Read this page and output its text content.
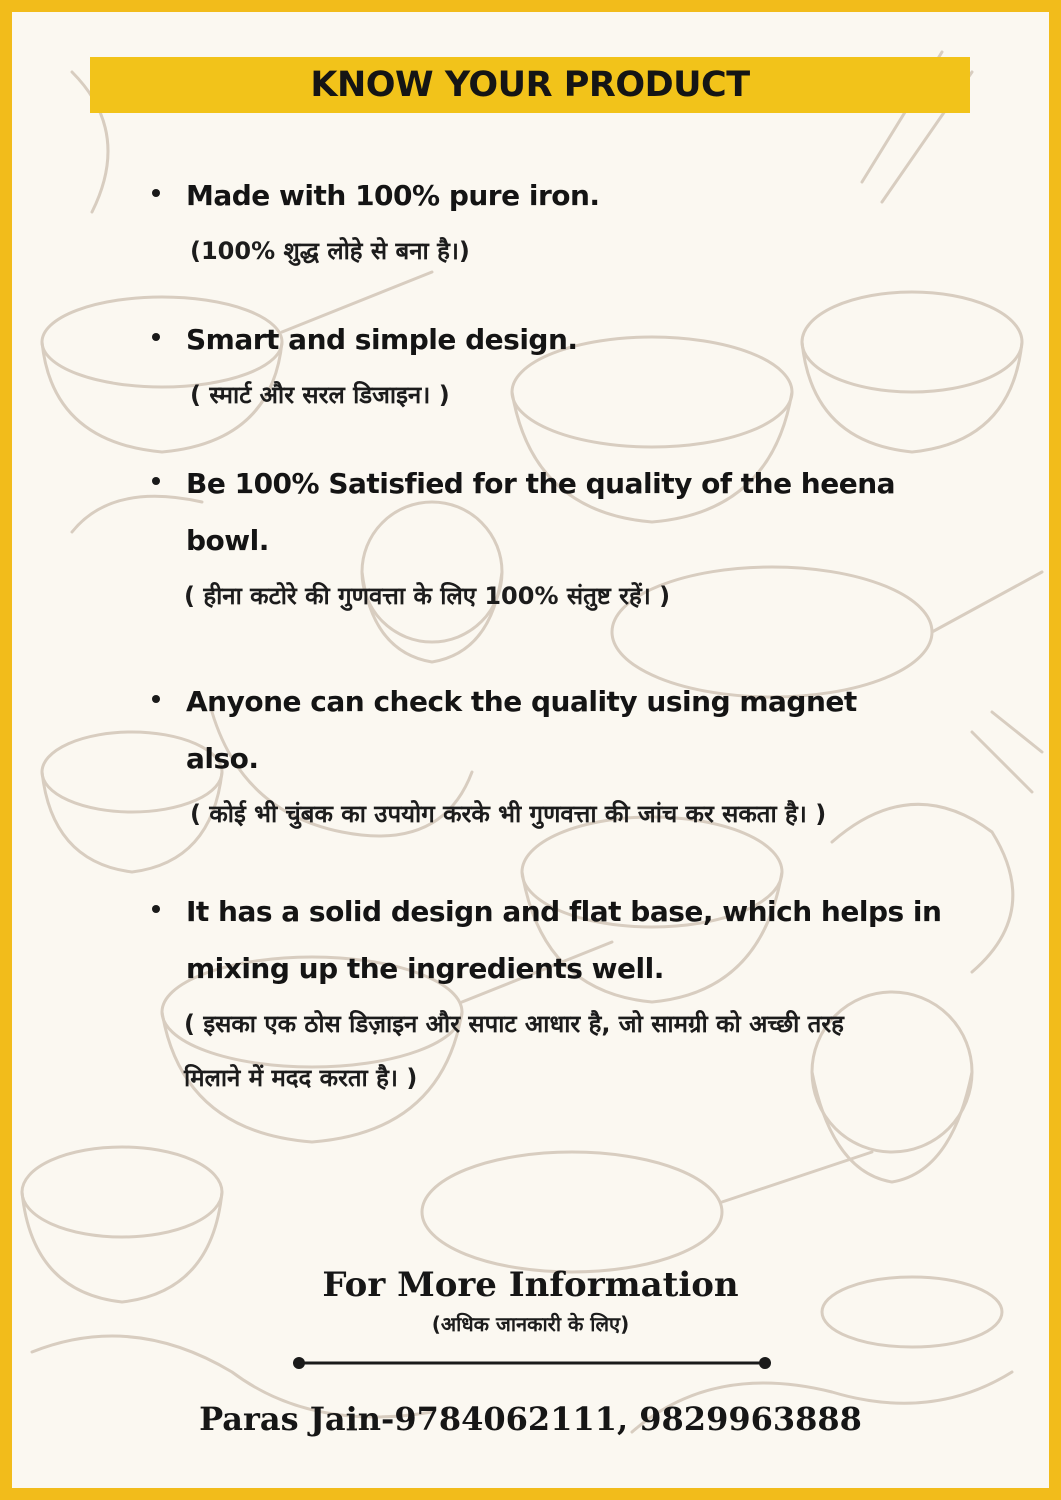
KNOW YOUR PRODUCT
Made with 100% pure iron.
(100% शुद्ध लोहे से बना है।)
Smart and simple design.
( स्मार्ट और सरल डिजाइन। )
Be 100% Satisfied for the quality of the heena bowl.
( हीना कटोरे की गुणवत्ता के लिए 100% संतुष्ट रहें। )
Anyone can check the quality using magnet also.
( कोई भी चुंबक का उपयोग करके भी गुणवत्ता की जांच कर सकता है। )
It has a solid design and flat base, which helps in mixing up the ingredients well.
( इसका एक ठोस डिज़ाइन और सपाट आधार है, जो सामग्री को अच्छी तरह मिलाने में मदद करता है। )
For More Information
(अधिक जानकारी के लिए)
Paras Jain-9784062111, 9829963888
